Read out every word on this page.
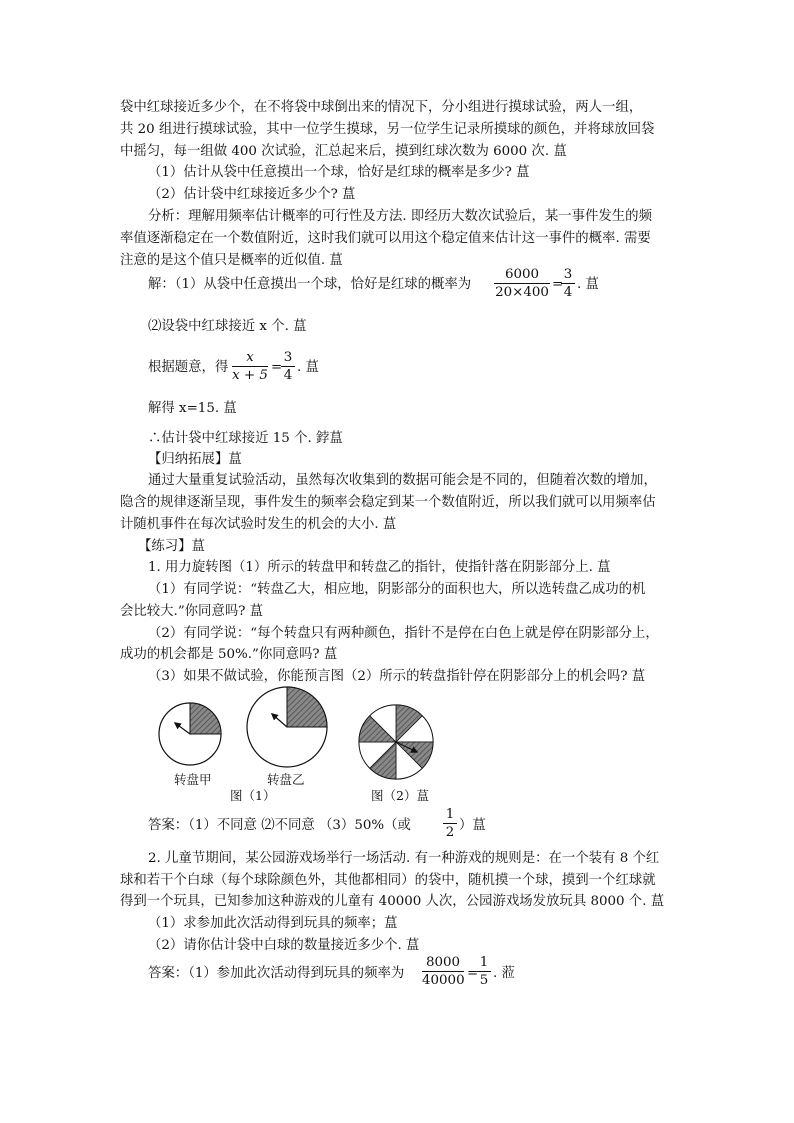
袋中红球接近多少个，在不将袋中球倒出来的情况下，分小组进行摸球试验，两人一组，
共 20 组进行摸球试验，其中一位学生摸球，另一位学生记录所摸球的颜色，并将球放回袋
中摇匀，每一组做 400 次试验，汇总起来后，摸到红球次数为 6000 次. 蒀
（1）估计从袋中任意摸出一个球，恰好是红球的概率是多少? 蒀
（2）估计袋中红球接近多少个? 蒀
分析：理解用频率估计概率的可行性及方法. 即经历大数次试验后，某一事件发生的频
率值逐渐稳定在一个数值附近，这时我们就可以用这个稳定值来估计这一事件的概率. 需要
注意的是这个值只是概率的近似值. 蒀
解：（1）从袋中任意摸出一个球，恰好是红球的概率为 $\frac{6000}{20\times 400}$ =
$\frac{3}{4}$ . 蒀
⑵设袋中红球接近 x 个. 蒀
根据题意，得 $\frac{x}{x + 5}$ =
$\frac{3}{4}$ . 蒀
解得 x=15. 蒀
∴估计袋中红球接近 15 个. 鋍蒀
【归纳拓展】蒀
通过大量重复试验活动，虽然每次收集到的数据可能会是不同的，但随着次数的增加，
隐含的规律逐渐呈现，事件发生的频率会稳定到某一个数值附近，所以我们就可以用频率估
计随机事件在每次试验时发生的机会的大小. 蒀
【练习】蒀
1. 用力旋转图（1）所示的转盘甲和转盘乙的指针，使指针落在阴影部分上. 蒀
（1）有同学说：“转盘乙大，相应地，阴影部分的面积也大，所以选转盘乙成功的机
会比较大.”你同意吗? 蒀
（2）有同学说：“每个转盘只有两种颜色，指针不是停在白色上就是停在阴影部分上，
成功的机会都是 50%.”你同意吗? 蒀
（3）如果不做试验，你能预言图（2）所示的转盘指针停在阴影部分上的机会吗? 蒀
转盘甲	转盘乙
图（1）	图（2）蒀
答案：（1）不同意 ⑵不同意 （3）50%（或 $\frac{1}{2}$ ）蒀
2. 儿童节期间，某公园游戏场举行一场活动. 有一种游戏的规则是：在一个装有 8 个红
球和若干个白球（每个球除颜色外，其他都相同）的袋中，随机摸一个球，摸到一个红球就
得到一个玩具，已知参加这种游戏的儿童有 40000 人次，公园游戏场发放玩具 8000 个. 蒀
（1）求参加此次活动得到玩具的频率；蒀
（2）请你估计袋中白球的数量接近多少个. 蒀
答案：（1）参加此次活动得到玩具的频率为 $\frac{8000}{40000}$ =
$\frac{1}{5}$ . 蒞
